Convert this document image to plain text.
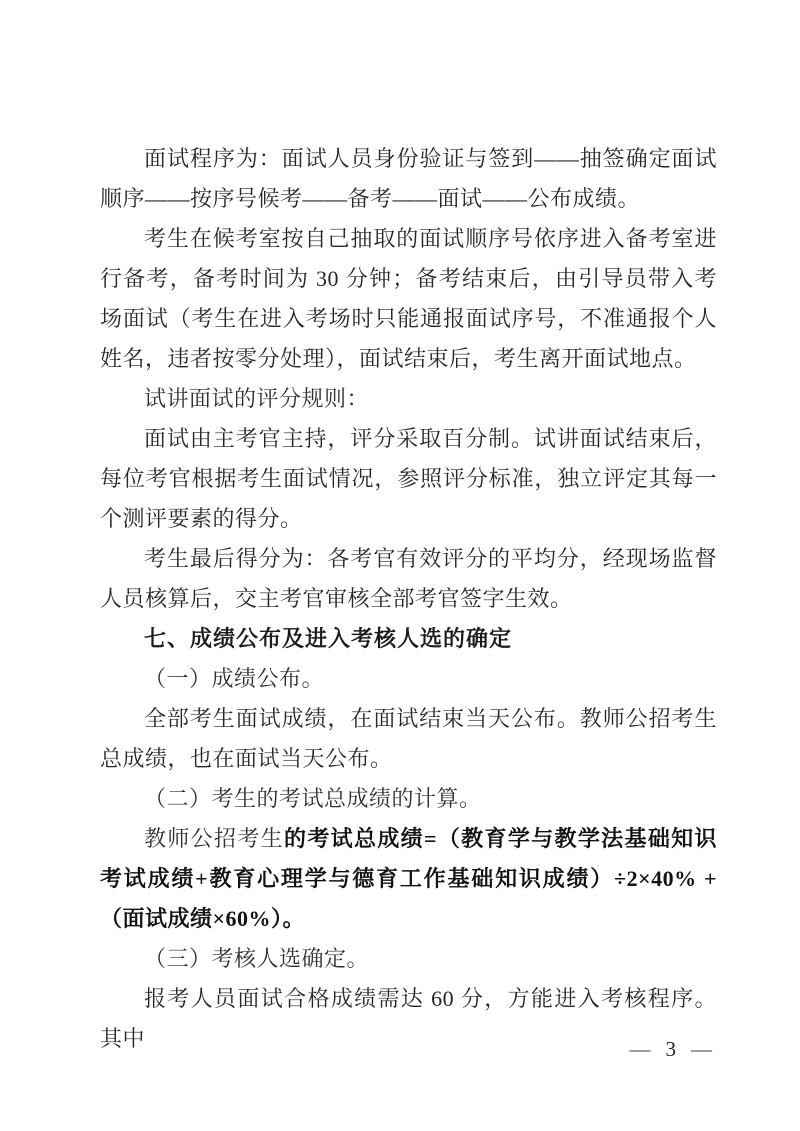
面试程序为：面试人员身份验证与签到——抽签确定面试顺序——按序号候考——备考——面试——公布成绩。

考生在候考室按自己抽取的面试顺序号依序进入备考室进行备考，备考时间为 30 分钟；备考结束后，由引导员带入考场面试（考生在进入考场时只能通报面试序号，不准通报个人姓名，违者按零分处理），面试结束后，考生离开面试地点。

试讲面试的评分规则：

面试由主考官主持，评分采取百分制。试讲面试结束后，每位考官根据考生面试情况，参照评分标准，独立评定其每一个测评要素的得分。

考生最后得分为：各考官有效评分的平均分，经现场监督人员核算后，交主考官审核全部考官签字生效。

七、成绩公布及进入考核人选的确定

（一）成绩公布。

全部考生面试成绩，在面试结束当天公布。教师公招考生总成绩，也在面试当天公布。

（二）考生的考试总成绩的计算。

教师公招考生的考试总成绩=（教育学与教学法基础知识考试成绩+教育心理学与德育工作基础知识成绩）÷2×40% +（面试成绩×60%）。

（三）考核人选确定。

报考人员面试合格成绩需达 60 分，方能进入考核程序。其中	— 3 —
